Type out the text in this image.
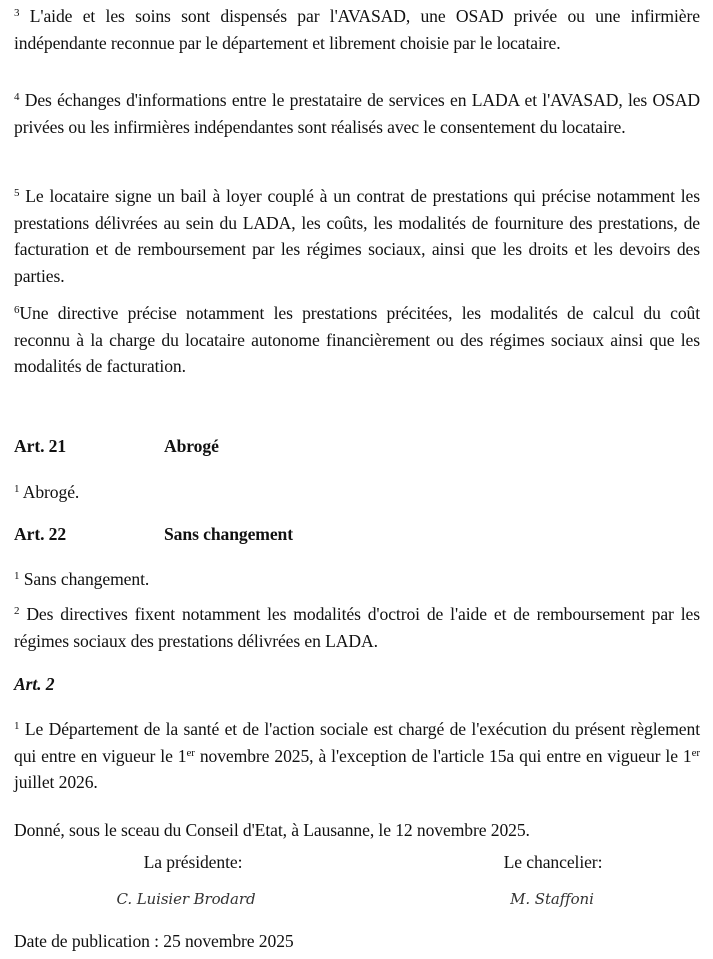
$^3$ L'aide et les soins sont dispensés par l'AVASAD, une OSAD privée ou une infirmière indépendante reconnue par le département et librement choisie par le locataire.

$^4$ Des échanges d'informations entre le prestataire de services en LADA et l'AVASAD, les OSAD privées ou les infirmières indépendantes sont réalisés avec le consentement du locataire.

$^5$ Le locataire signe un bail à loyer couplé à un contrat de prestations qui précise notamment les prestations délivrées au sein du LADA, les coûts, les modalités de fourniture des prestations, de facturation et de remboursement par les régimes sociaux, ainsi que les droits et les devoirs des parties.

$^6$Une directive précise notamment les prestations précitées, les modalités de calcul du coût reconnu à la charge du locataire autonome financièrement ou des régimes sociaux ainsi que les modalités de facturation.

Art. 21	Abrogé

$^1$ Abrogé.

Art. 22	Sans changement

$^1$ Sans changement.

$^2$ Des directives fixent notamment les modalités d'octroi de l'aide et de remboursement par les régimes sociaux des prestations délivrées en LADA.

Art. 2

$^1$ Le Département de la santé et de l'action sociale est chargé de l'exécution du présent règlement qui entre en vigueur le 1er novembre 2025, à l'exception de l'article 15a qui entre en vigueur le 1er juillet 2026.

Donné, sous le sceau du Conseil d'Etat, à Lausanne, le 12 novembre 2025.
La présidente:	Le chancelier:
C. Luisier Brodard	M. Staffoni
Date de publication : 25 novembre 2025
